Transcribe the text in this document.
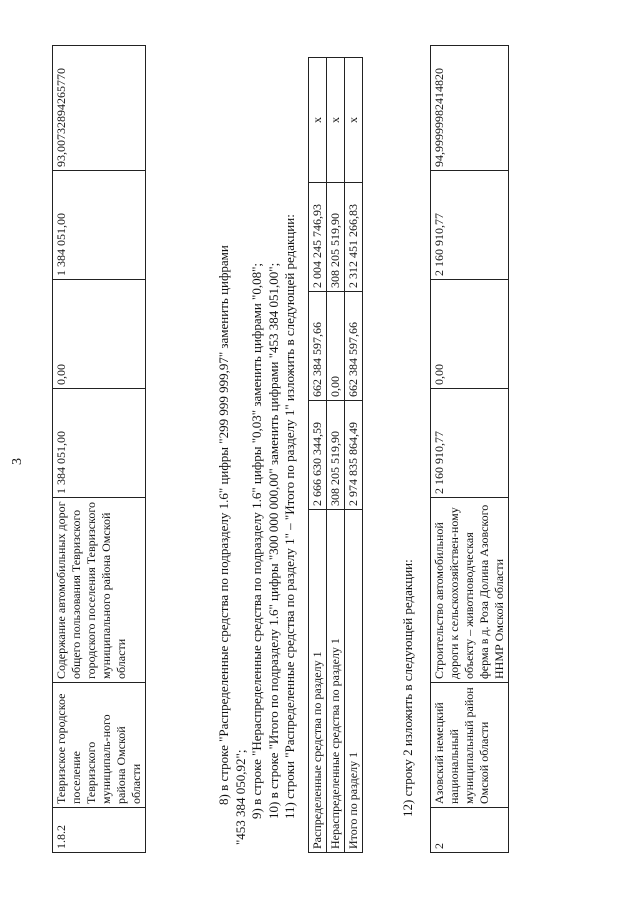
3
1.8.2	Тевризское городское поселение Тевризского муниципаль-ного района Омской области	Содержание автомобильных дорог общего пользования Тевризского городского поселения Тевризского муниципального района Омской области	1 384 051,00	0,00	1 384 051,00	93,00732894265770

8) в строке "Распределенные средства по подразделу 1.6" цифры "299 999 999,97" заменить цифрами "453 384 050,92"; 9) в строке "Нераспределенные средства по подразделу 1.6" цифры "0,03" заменить цифрами "0,08"; 10) в строке "Итого по подразделу 1.6" цифры "300 000 000,00" заменить цифрами "453 384 051,00"; 11) строки "Распределенные средства по разделу 1" – "Итого по разделу 1" изложить в следующей редакции: Распределенные средства по разделу 1	2 666 630 344,59	662 384 597,66	2 004 245 746,93	x
Нераспределенные средства по разделу 1	308 205 519,90	0,00	308 205 519,90	x
Итого по разделу 1	2 974 835 864,49	662 384 597,66	2 312 451 266,83	x
12) строку 2 изложить в следующей редакции:
2	Азовский немецкий национальный муниципальный район Омской области	Строительство автомобильной дороги к сельскохозяйствен-ному объекту – животноводческая ферма в д. Роза Долина Азовского ННМР Омской области	2 160 910,77	0,00	2 160 910,77	94,99999982414820
